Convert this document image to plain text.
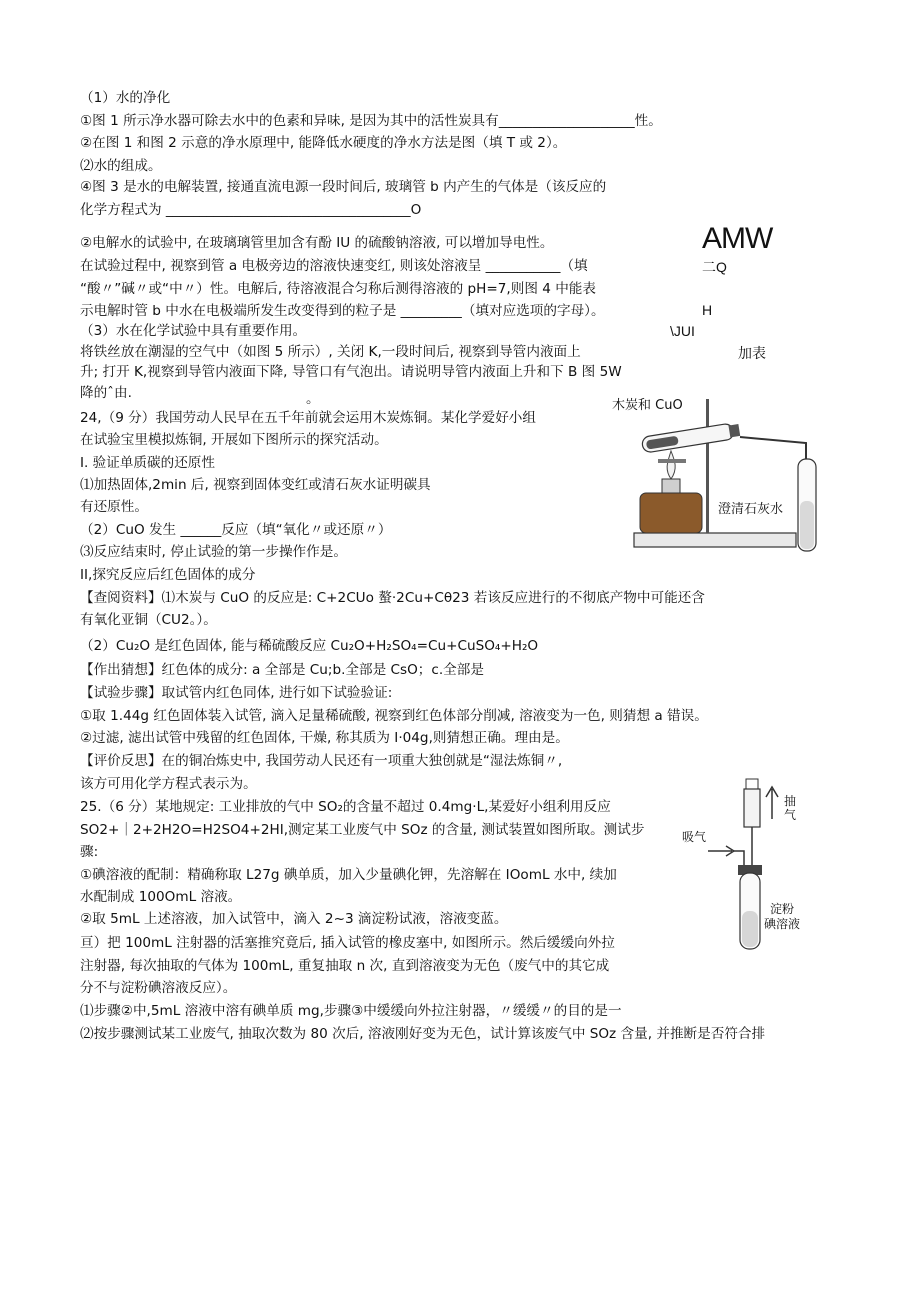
（1）水的净化
①图 1 所示净水器可除去水中的色素和异味, 是因为其中的活性炭具有____________________性。
②在图 1 和图 2 示意的净水原理中, 能降低水硬度的净水方法是图（填 T 或 2）。
⑵水的组成。
④图 3 是水的电解装置, 接通直流电源一段时间后, 玻璃管 b 内产生的气体是（该反应的
化学方程式为 ____________________________________O
②电解水的试验中, 在玻璃璃管里加含有酚 IU 的硫酸钠溶液, 可以增加导电性。
在试验过程中, 视察到管 a 电极旁边的溶液快速变红, 则该处溶液呈 ___________（填
“酸〃”碱〃或“中〃）性。电解后, 待溶液混合匀称后测得溶液的 pH=7,则图 4 中能表
示电解时管 b 中水在电极端所发生改变得到的粒子是 _________（填对应选项的字母）。
（3）水在化学试验中具有重要作用。
将铁丝放在潮湿的空气中（如图 5 所示）, 关闭 K,一段时间后, 视察到导管内液面上
升; 打开 K,视察到导管内液面下降, 导管口有气泡出。请说明导管内液面上升和下 B 图 5W
降的ˆ由.	。
24,（9 分）我国劳动人民早在五千年前就会运用木炭炼铜。某化学爱好小组
在试验宝里模拟炼铜, 开展如下图所示的探究活动。
I. 验证单质碳的还原性
⑴加热固体,2min 后, 视察到固体变红或清石灰水证明碳具
有还原性。
（2）CuO 发生 ______反应（填“氧化〃或还原〃）
⑶反应结束时, 停止试验的第一步操作作是。
II,探究反应后红色固体的成分
【查阅资料】⑴木炭与 CuO 的反应是: C+2CUo 螯·2Cu+Cθ23 若该反应进行的不彻底产物中可能还含
有氧化亚铜（CU2。）。
（2）Cu₂O 是红色固体, 能与稀硫酸反应 Cu₂O+H₂SO₄=Cu+CuSO₄+H₂O
【作出猜想】红色体的成分: a 全部是 Cu;b.全部是 CsO；c.全部是
【试验步骤】取试管内红色同体, 进行如下试验验证:
①取 1.44g 红色固体装入试管, 滴入足量稀硫酸, 视察到红色体部分削减, 溶液变为一色, 则猜想 a 错误。
②过滤, 滤出试管中残留的红色固体, 干燥, 称其质为 I·04g,则猜想正确。理由是。
【评价反思】在的铜冶炼史中, 我国劳动人民还有一项重大独创就是“湿法炼铜〃,
该方可用化学方程式表示为。
25.（6 分）某地规定: 工业排放的气中 SO₂的含量不超过 0.4mg·L,某爱好小组利用反应
SO2+｜2+2H2O=H2SO4+2HI,测定某工业废气中 SOz 的含量, 测试装置如图所取。测试步
骤:
①碘溶液的配制：精确称取 L27g 碘单质，加入少量碘化钾，先溶解在 IOomL 水中, 续加
水配制成 100OmL 溶液。
②取 5mL 上述溶液，加入试管中，滴入 2~3 滴淀粉试液，溶液变蓝。
亘）把 100mL 注射器的活塞推究竟后, 插入试管的橡皮塞中, 如图所示。然后缓缓向外拉
注射器, 每次抽取的气体为 100mL, 重复抽取 n 次, 直到溶液变为无色（废气中的其它成
分不与淀粉碘溶液反应）。
⑴步骤②中,5mL 溶液中溶有碘单质 mg,步骤③中缓缓向外拉注射器，〃缓缓〃的目的是一
⑵按步骤测试某工业废气, 抽取次数为 80 次后, 溶液刚好变为无色，试计算该废气中 SOz 含量, 并推断是否符合排
AMW
二Q
H
\JUI
加表
木炭和 CuO
澄清石灰水
抽气
吸气
淀粉碘溶液
